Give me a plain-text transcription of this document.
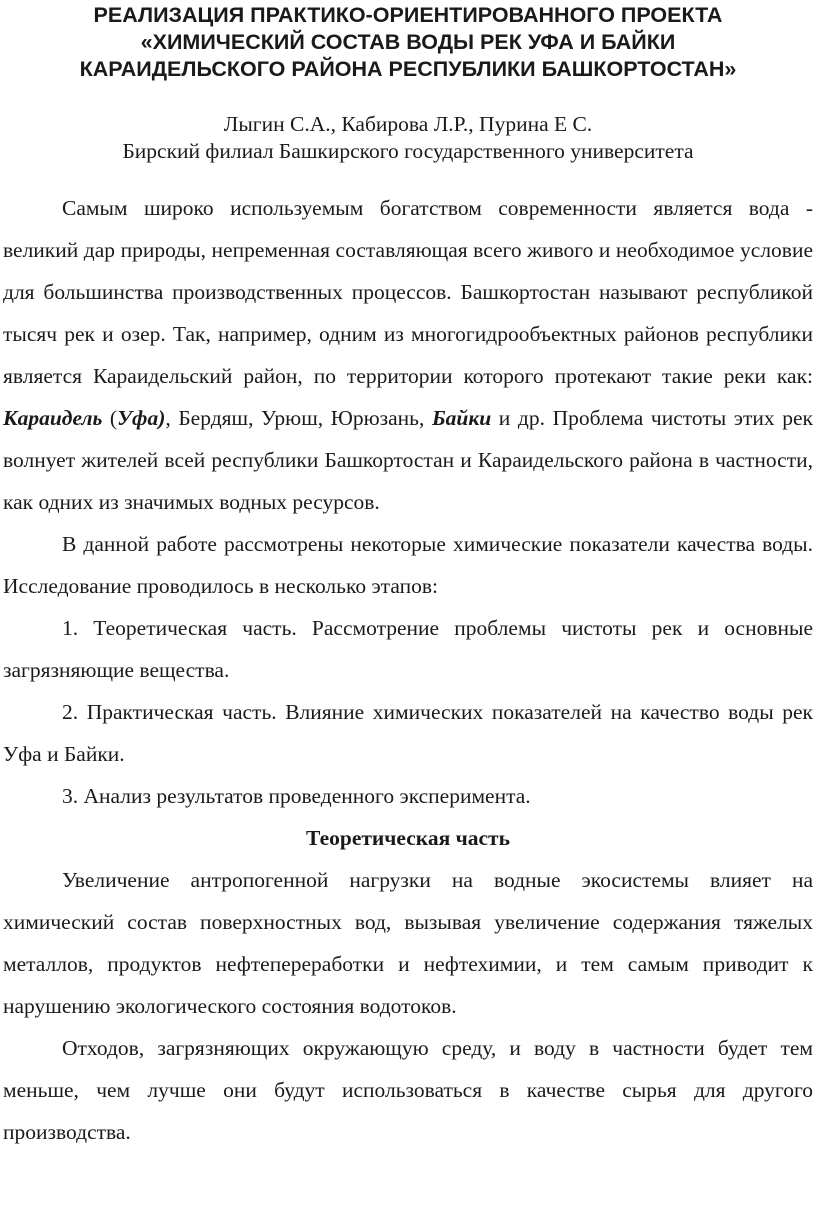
РЕАЛИЗАЦИЯ ПРАКТИКО-ОРИЕНТИРОВАННОГО ПРОЕКТА
«ХИМИЧЕСКИЙ СОСТАВ ВОДЫ РЕК УФА И БАЙКИ
КАРАИДЕЛЬСКОГО РАЙОНА РЕСПУБЛИКИ БАШКОРТОСТАН»
Лыгин С.А., Кабирова Л.Р., Пурина Е С.
Бирский филиал Башкирского государственного университета

Самым широко используемым богатством современности является вода - великий дар природы, непременная составляющая всего живого и необходимое условие для большинства производственных процессов. Башкортостан называют республикой тысяч рек и озер. Так, например, одним из многогидрообъектных районов республики является Караидельский район, по территории которого протекают такие реки как: Караидель (Уфа), Бердяш, Урюш, Юрюзань, Байки и др. Проблема чистоты этих рек волнует жителей всей республики Башкортостан и Караидельского района в частности, как одних из значимых водных ресурсов.

В данной работе рассмотрены некоторые химические показатели качества воды. Исследование проводилось в несколько этапов:

1. Теоретическая часть. Рассмотрение проблемы чистоты рек и основные загрязняющие вещества.

2. Практическая часть. Влияние химических показателей на качество воды рек Уфа и Байки.

3. Анализ результатов проведенного эксперимента.

Теоретическая часть

Увеличение антропогенной нагрузки на водные экосистемы влияет на химический состав поверхностных вод, вызывая увеличение содержания тяжелых металлов, продуктов нефтепереработки и нефтехимии, и тем самым приводит к нарушению экологического состояния водотоков.

Отходов, загрязняющих окружающую среду, и воду в частности будет тем меньше, чем лучше они будут использоваться в качестве сырья для другого производства.
